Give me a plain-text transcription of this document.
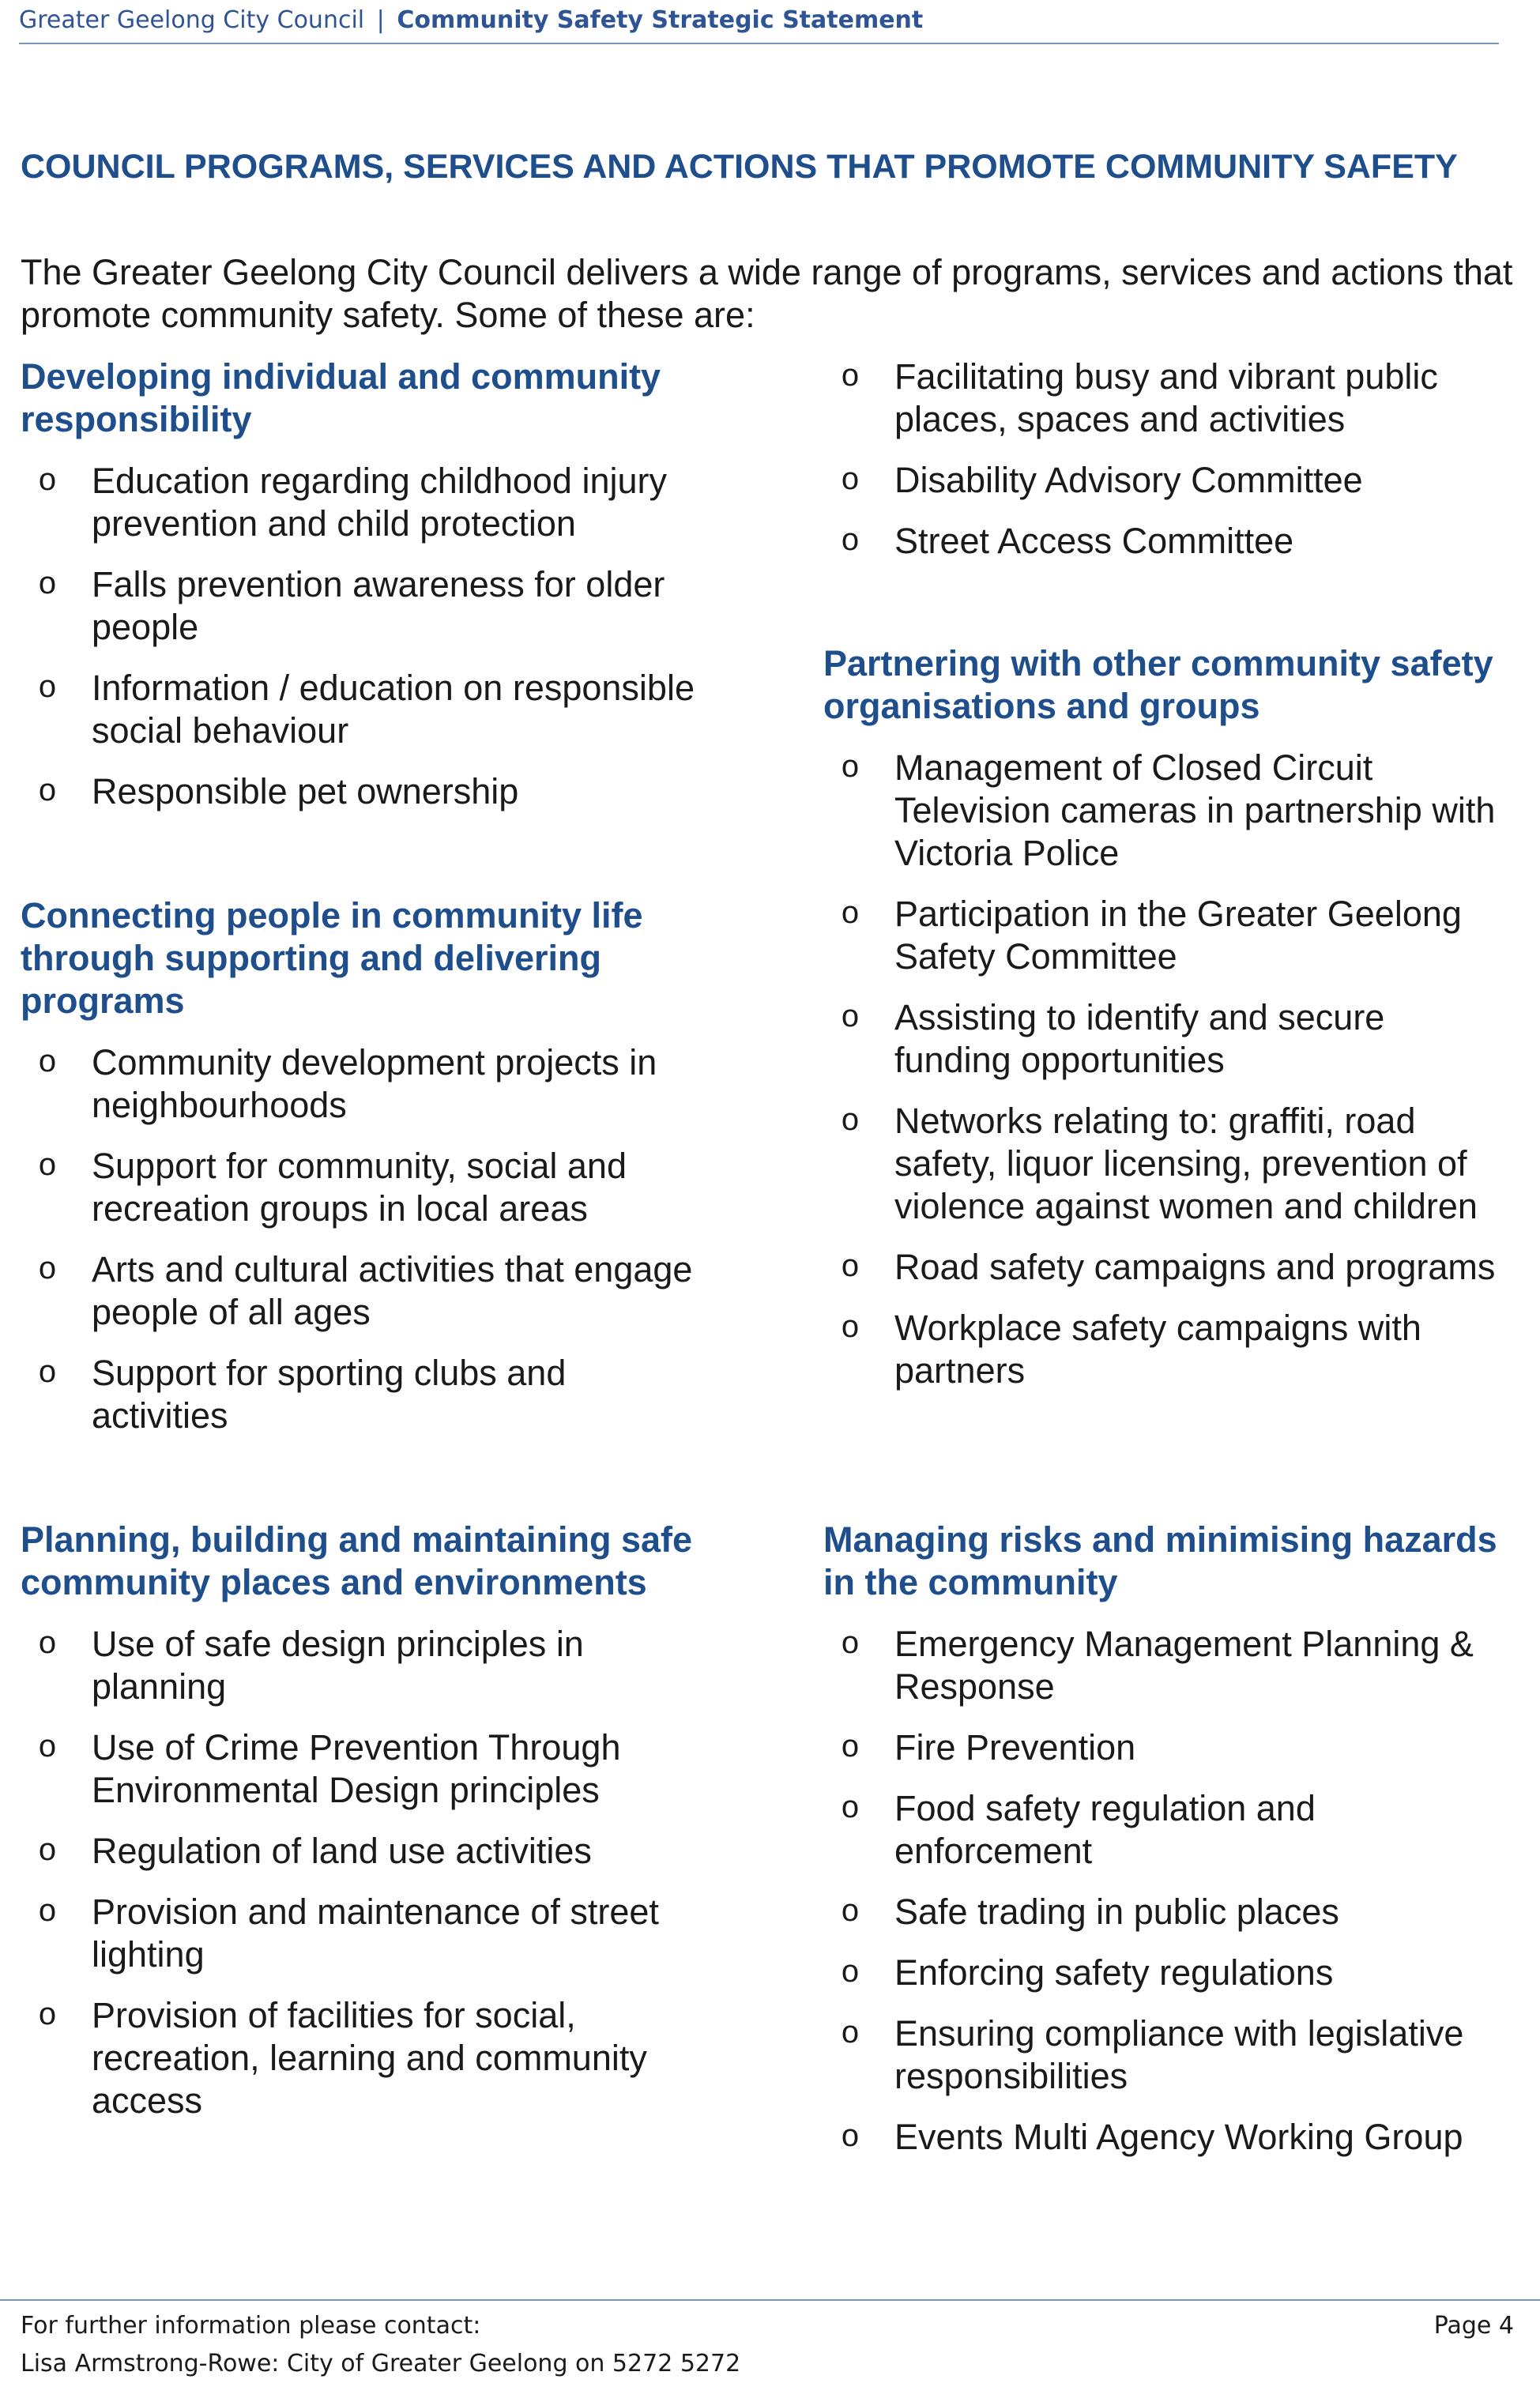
Greater Geelong City Council | Community Safety Strategic Statement
COUNCIL PROGRAMS, SERVICES AND ACTIONS THAT PROMOTE COMMUNITY SAFETY

The Greater Geelong City Council delivers a wide range of programs, services and actions that promote community safety. Some of these are:

Developing individual and community responsibility
o Education regarding childhood injury prevention and child protection
o Falls prevention awareness for older people
o Information / education on responsible social behaviour
o Responsible pet ownership
Connecting people in community life through supporting and delivering programs
o Community development projects in neighbourhoods
o Support for community, social and recreation groups in local areas
o Arts and cultural activities that engage people of all ages
o Support for sporting clubs and activities
Planning, building and maintaining safe community places and environments
o Use of safe design principles in planning
o Use of Crime Prevention Through Environmental Design principles
o Regulation of land use activities
o Provision and maintenance of street lighting
o Provision of facilities for social, recreation, learning and community access
o Facilitating busy and vibrant public places, spaces and activities
o Disability Advisory Committee
o Street Access Committee
Partnering with other community safety organisations and groups
o Management of Closed Circuit Television cameras in partnership with Victoria Police
o Participation in the Greater Geelong Safety Committee
o Assisting to identify and secure funding opportunities
o Networks relating to: graffiti, road safety, liquor licensing, prevention of violence against women and children
o Road safety campaigns and programs
o Workplace safety campaigns with partners
Managing risks and minimising hazards in the community
o Emergency Management Planning & Response
o Fire Prevention
o Food safety regulation and enforcement
o Safe trading in public places
o Enforcing safety regulations
o Ensuring compliance with legislative responsibilities
o Events Multi Agency Working Group
For further information please contact:
Lisa Armstrong-Rowe: City of Greater Geelong on 5272 5272
Page 4
